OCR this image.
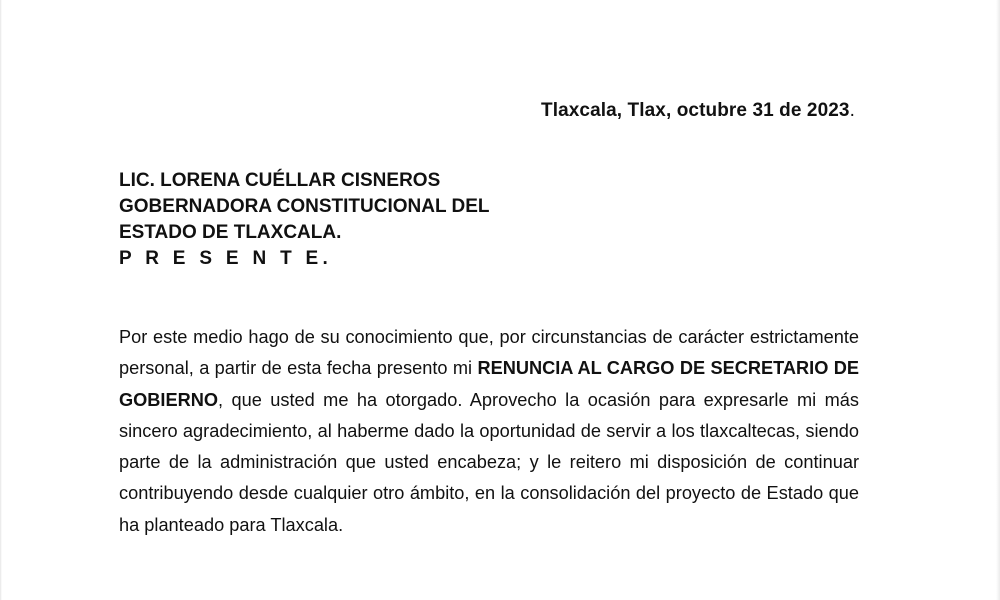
Tlaxcala, Tlax, octubre 31 de 2023.
LIC. LORENA CUÉLLAR CISNEROS
GOBERNADORA CONSTITUCIONAL DEL
ESTADO DE TLAXCALA.
P R E S E N T E.

Por este medio hago de su conocimiento que, por circunstancias de carácter estrictamente personal, a partir de esta fecha presento mi RENUNCIA AL CARGO DE SECRETARIO DE GOBIERNO, que usted me ha otorgado. Aprovecho la ocasión para expresarle mi más sincero agradecimiento, al haberme dado la oportunidad de servir a los tlaxcaltecas, siendo parte de la administración que usted encabeza; y le reitero mi disposición de continuar contribuyendo desde cualquier otro ámbito, en la consolidación del proyecto de Estado que ha planteado para Tlaxcala.
